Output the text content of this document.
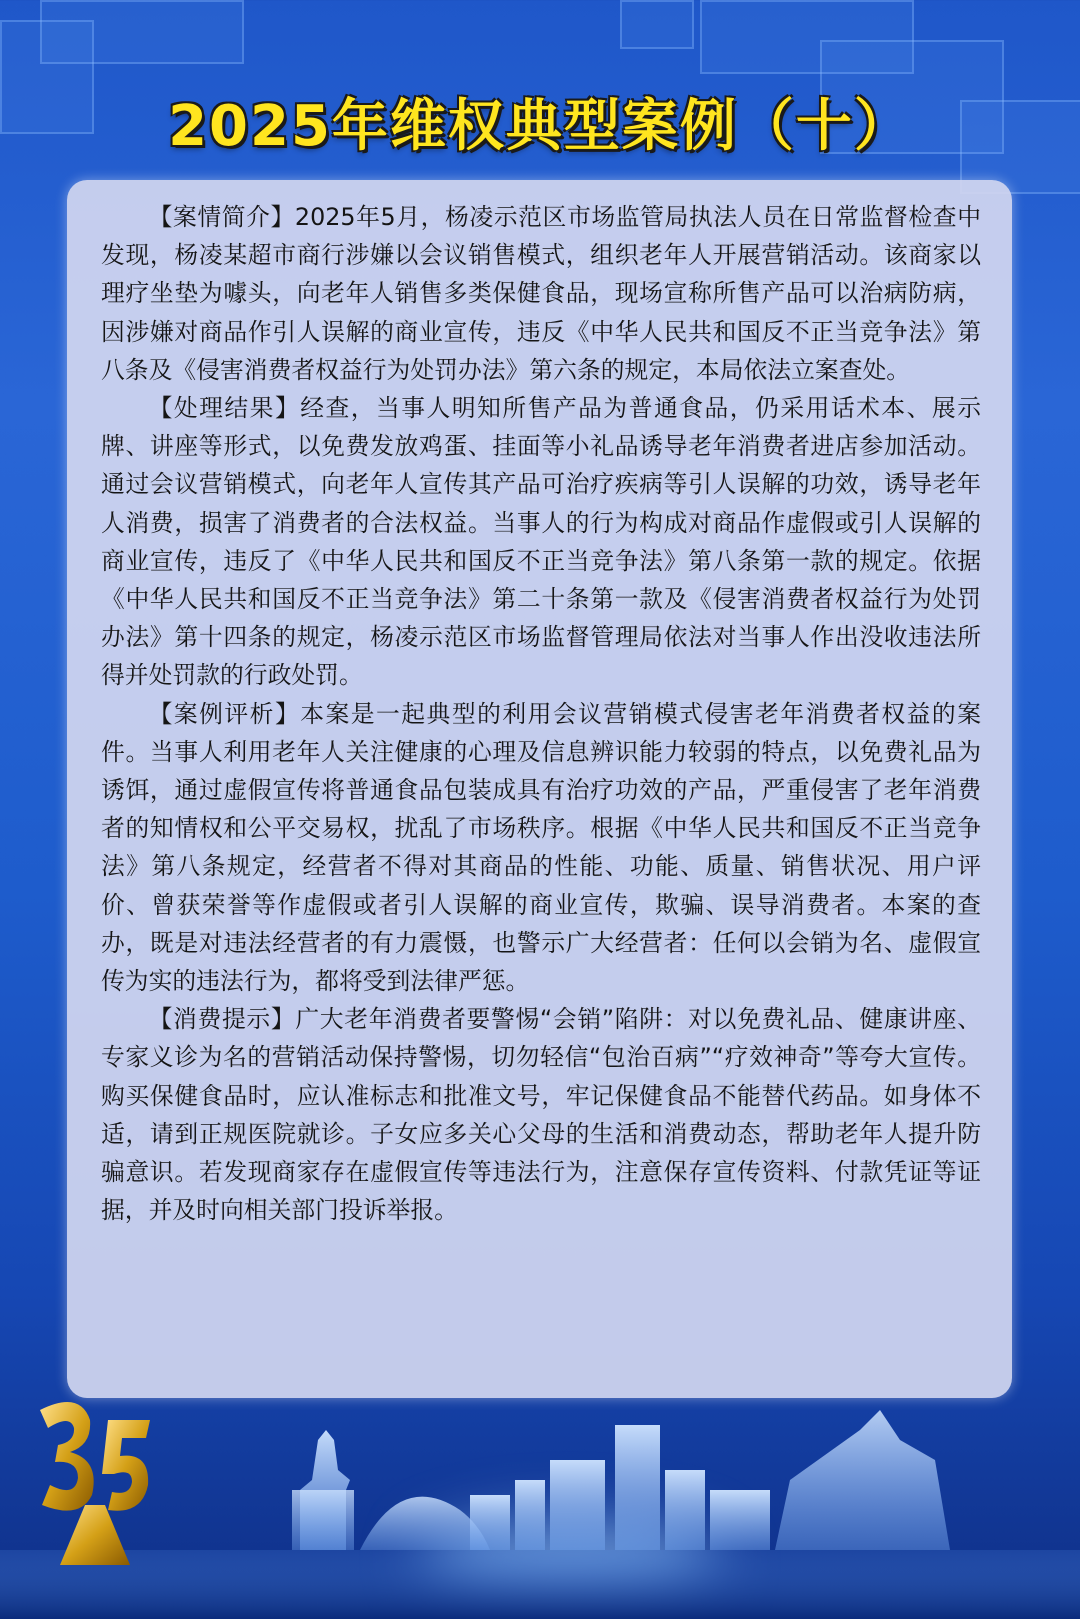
2025年维权典型案例（十）

【案情简介】2025年5月，杨凌示范区市场监管局执法人员在日常监督检查中发现，杨凌某超市商行涉嫌以会议销售模式，组织老年人开展营销活动。该商家以理疗坐垫为噱头，向老年人销售多类保健食品，现场宣称所售产品可以治病防病，因涉嫌对商品作引人误解的商业宣传，违反《中华人民共和国反不正当竞争法》第八条及《侵害消费者权益行为处罚办法》第六条的规定，本局依法立案查处。

【处理结果】经查，当事人明知所售产品为普通食品，仍采用话术本、展示牌、讲座等形式，以免费发放鸡蛋、挂面等小礼品诱导老年消费者进店参加活动。通过会议营销模式，向老年人宣传其产品可治疗疾病等引人误解的功效，诱导老年人消费，损害了消费者的合法权益。当事人的行为构成对商品作虚假或引人误解的商业宣传，违反了《中华人民共和国反不正当竞争法》第八条第一款的规定。依据《中华人民共和国反不正当竞争法》第二十条第一款及《侵害消费者权益行为处罚办法》第十四条的规定，杨凌示范区市场监督管理局依法对当事人作出没收违法所得并处罚款的行政处罚。

【案例评析】本案是一起典型的利用会议营销模式侵害老年消费者权益的案件。当事人利用老年人关注健康的心理及信息辨识能力较弱的特点，以免费礼品为诱饵，通过虚假宣传将普通食品包装成具有治疗功效的产品，严重侵害了老年消费者的知情权和公平交易权，扰乱了市场秩序。根据《中华人民共和国反不正当竞争法》第八条规定，经营者不得对其商品的性能、功能、质量、销售状况、用户评价、曾获荣誉等作虚假或者引人误解的商业宣传，欺骗、误导消费者。本案的查办，既是对违法经营者的有力震慑，也警示广大经营者：任何以会销为名、虚假宣传为实的违法行为，都将受到法律严惩。

【消费提示】广大老年消费者要警惕“会销”陷阱：对以免费礼品、健康讲座、专家义诊为名的营销活动保持警惕，切勿轻信“包治百病”“疗效神奇”等夸大宣传。购买保健食品时，应认准标志和批准文号，牢记保健食品不能替代药品。如身体不适，请到正规医院就诊。子女应多关心父母的生活和消费动态，帮助老年人提升防骗意识。若发现商家存在虚假宣传等违法行为，注意保存宣传资料、付款凭证等证据，并及时向相关部门投诉举报。
